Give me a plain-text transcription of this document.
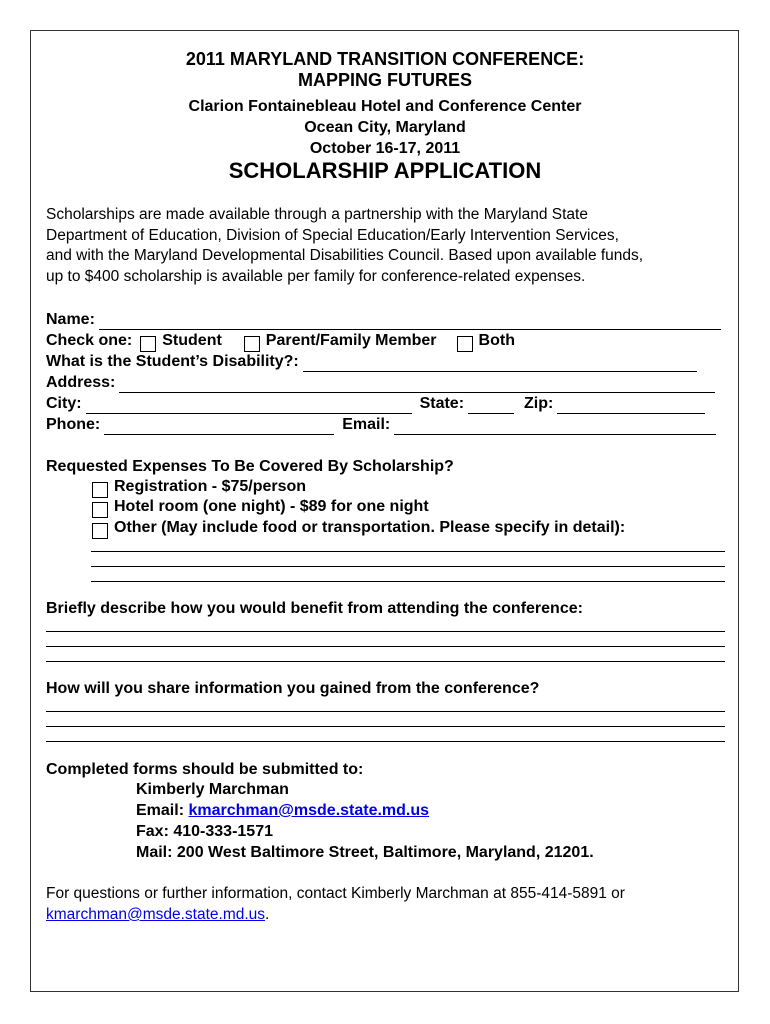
2011 MARYLAND TRANSITION CONFERENCE:
MAPPING FUTURES
Clarion Fontainebleau Hotel and Conference Center
Ocean City, Maryland
October 16-17, 2011
SCHOLARSHIP APPLICATION
Scholarships are made available through a partnership with the Maryland State
Department of Education, Division of Special Education/Early Intervention Services,
and with the Maryland Developmental Disabilities Council. Based upon available funds,
up to $400 scholarship is available per family for conference-related expenses.
Name:
Check one: Student	Parent/Family Member	Both
What is the Student’s Disability?:
Address:
City:	State:	Zip:
Phone:	Email:
Requested Expenses To Be Covered By Scholarship?
Registration - $75/person
Hotel room (one night) - $89 for one night
Other (May include food or transportation. Please specify in detail):
Briefly describe how you would benefit from attending the conference:
How will you share information you gained from the conference?
Completed forms should be submitted to:
Kimberly Marchman
Email: kmarchman@msde.state.md.us
Fax: 410-333-1571
Mail: 200 West Baltimore Street, Baltimore, Maryland, 21201.
For questions or further information, contact Kimberly Marchman at 855-414-5891 or
kmarchman@msde.state.md.us.
